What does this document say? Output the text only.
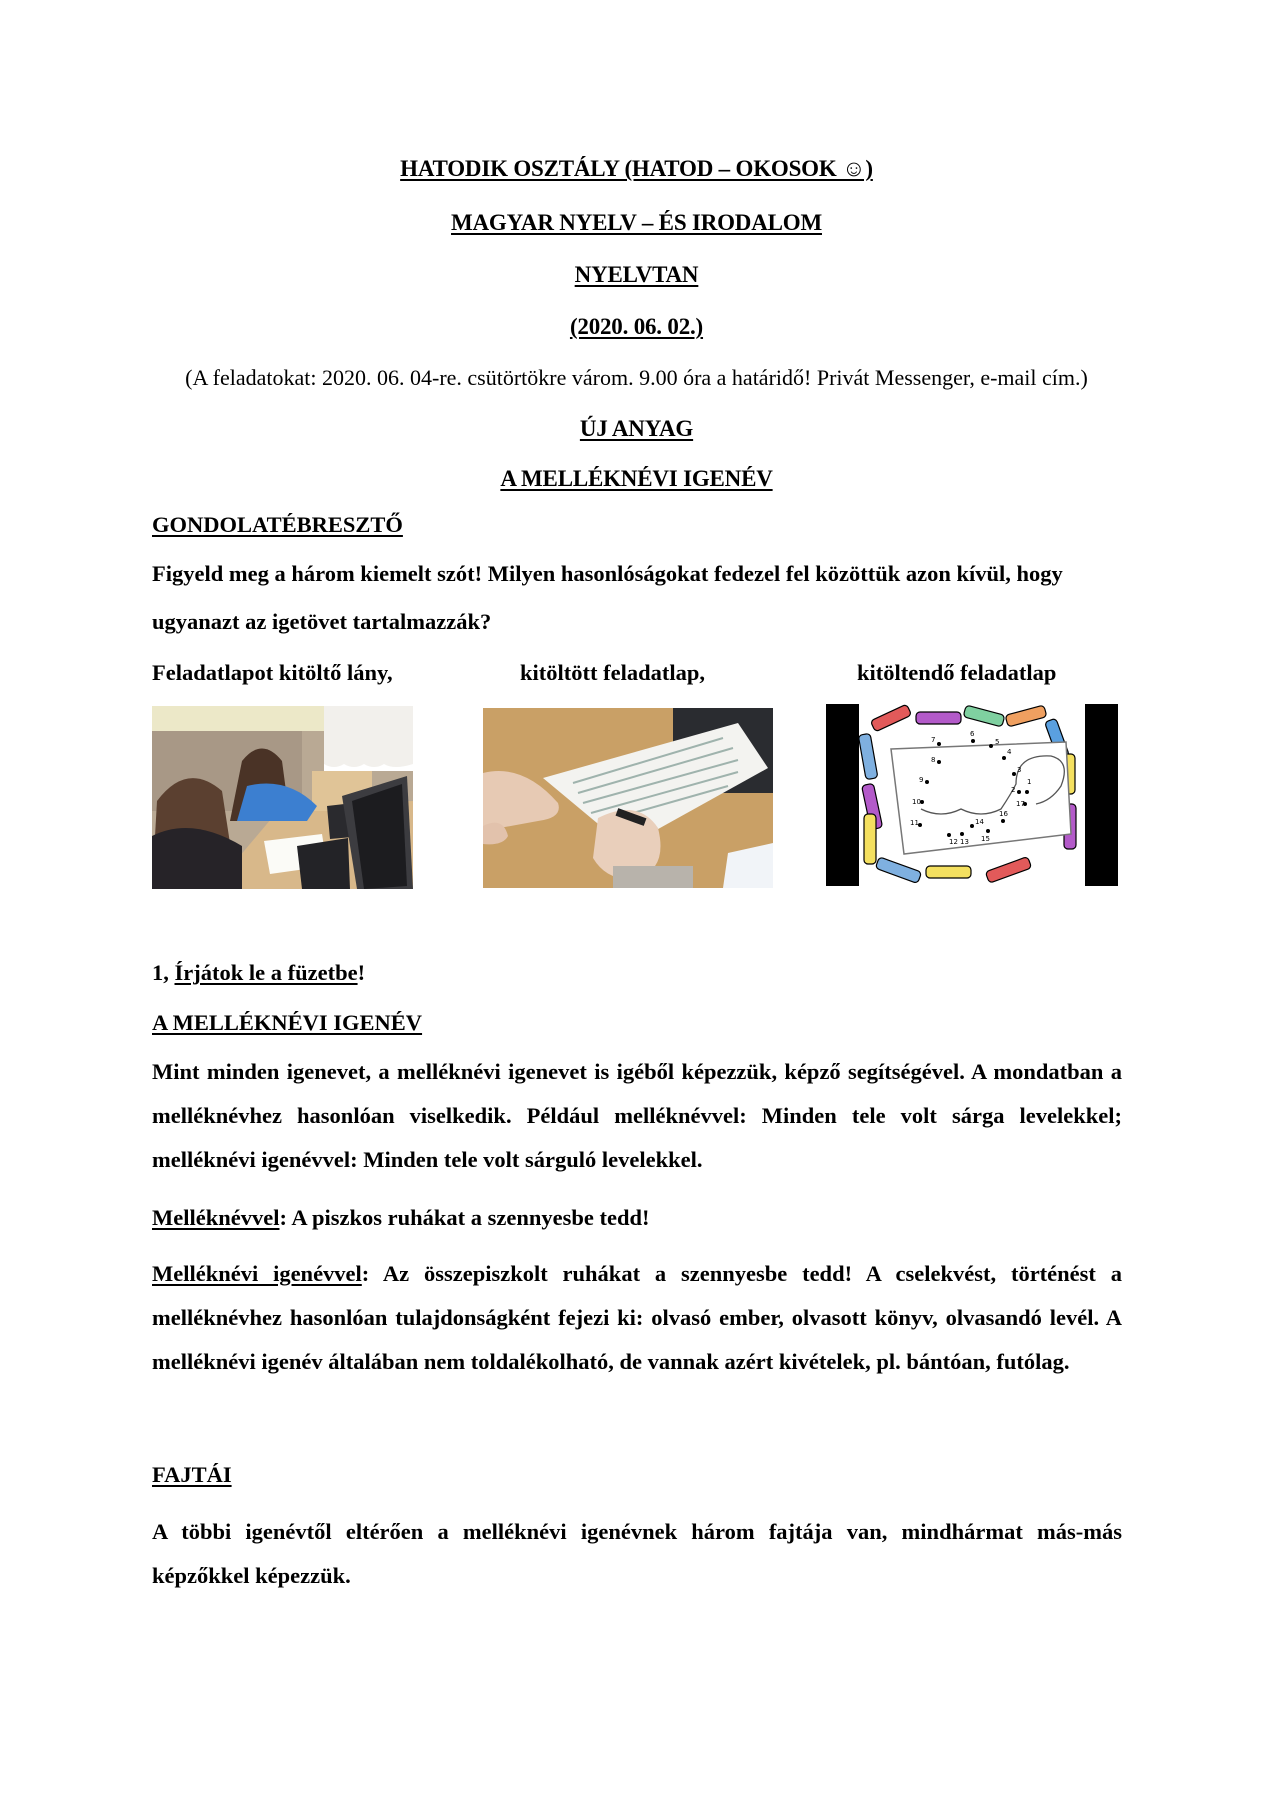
HATODIK OSZTÁLY (HATOD – OKOSOK ☺)
MAGYAR NYELV – ÉS IRODALOM
NYELVTAN
(2020. 06. 02.)
(A feladatokat: 2020. 06. 04-re. csütörtökre várom. 9.00 óra a határidő! Privát Messenger, e-mail cím.)
ÚJ ANYAG
A MELLÉKNÉVI IGENÉV
GONDOLATÉBRESZTŐ
Figyeld meg a három kiemelt szót! Milyen hasonlóságokat fedezel fel közöttük azon kívül, hogy ugyanazt az igetövet tartalmazzák?
Feladatlapot kitöltő lány,	kitöltött feladatlap,	kitöltendő feladatlap
7
6
5
4
3
2
1
17
16
15
14
13
12
11
10
9
8
1, Írjátok le a füzetbe!
A MELLÉKNÉVI IGENÉV
Mint minden igenevet, a melléknévi igenevet is igéből képezzük, képző segítségével. A mondatban a melléknévhez hasonlóan viselkedik. Például melléknévvel: Minden tele volt sárga levelekkel; melléknévi igenévvel: Minden tele volt sárguló levelekkel.
Melléknévvel: A piszkos ruhákat a szennyesbe tedd!
Melléknévi igenévvel: Az összepiszkolt ruhákat a szennyesbe tedd! A cselekvést, történést a melléknévhez hasonlóan tulajdonságként fejezi ki: olvasó ember, olvasott könyv, olvasandó levél. A melléknévi igenév általában nem toldalékolható, de vannak azért kivételek, pl. bántóan, futólag.
FAJTÁI
A többi igenévtől eltérően a melléknévi igenévnek három fajtája van, mindhármat más-más képzőkkel képezzük.
